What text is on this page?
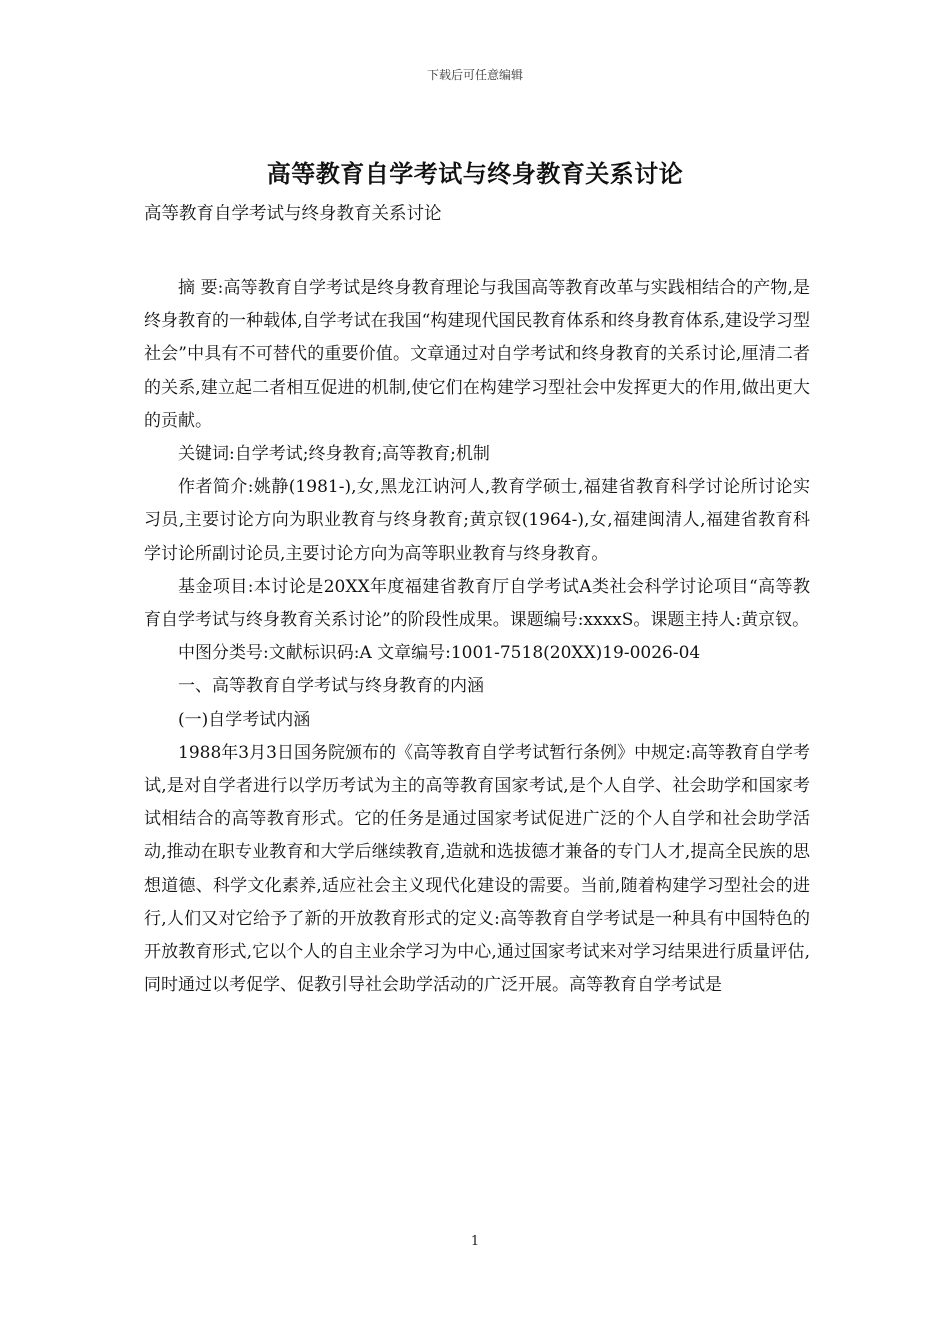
下载后可任意编辑
高等教育自学考试与终身教育关系讨论
高等教育自学考试与终身教育关系讨论

摘 要:高等教育自学考试是终身教育理论与我国高等教育改革与实践相结合的产物,是终身教育的一种载体,自学考试在我国“构建现代国民教育体系和终身教育体系,建设学习型社会”中具有不可替代的重要价值。文章通过对自学考试和终身教育的关系讨论,厘清二者的关系,建立起二者相互促进的机制,使它们在构建学习型社会中发挥更大的作用,做出更大的贡献。

关键词:自学考试;终身教育;高等教育;机制

作者简介:姚静(1981-),女,黑龙江讷河人,教育学硕士,福建省教育科学讨论所讨论实习员,主要讨论方向为职业教育与终身教育;黄京钗(1964-),女,福建闽清人,福建省教育科学讨论所副讨论员,主要讨论方向为高等职业教育与终身教育。

基金项目:本讨论是20XX年度福建省教育厅自学考试A类社会科学讨论项目“高等教育自学考试与终身教育关系讨论”的阶段性成果。课题编号:xxxxS。课题主持人:黄京钗。

中图分类号:文献标识码:A 文章编号:1001-7518(20XX)19-0026-04

一、高等教育自学考试与终身教育的内涵

(一)自学考试内涵

1988年3月3日国务院颁布的《高等教育自学考试暂行条例》中规定:高等教育自学考试,是对自学者进行以学历考试为主的高等教育国家考试,是个人自学、社会助学和国家考试相结合的高等教育形式。它的任务是通过国家考试促进广泛的个人自学和社会助学活动,推动在职专业教育和大学后继续教育,造就和选拔德才兼备的专门人才,提高全民族的思想道德、科学文化素养,适应社会主义现代化建设的需要。当前,随着构建学习型社会的进行,人们又对它给予了新的开放教育形式的定义:高等教育自学考试是一种具有中国特色的开放教育形式,它以个人的自主业余学习为中心,通过国家考试来对学习结果进行质量评估,同时通过以考促学、促教引导社会助学活动的广泛开展。高等教育自学考试是

1
